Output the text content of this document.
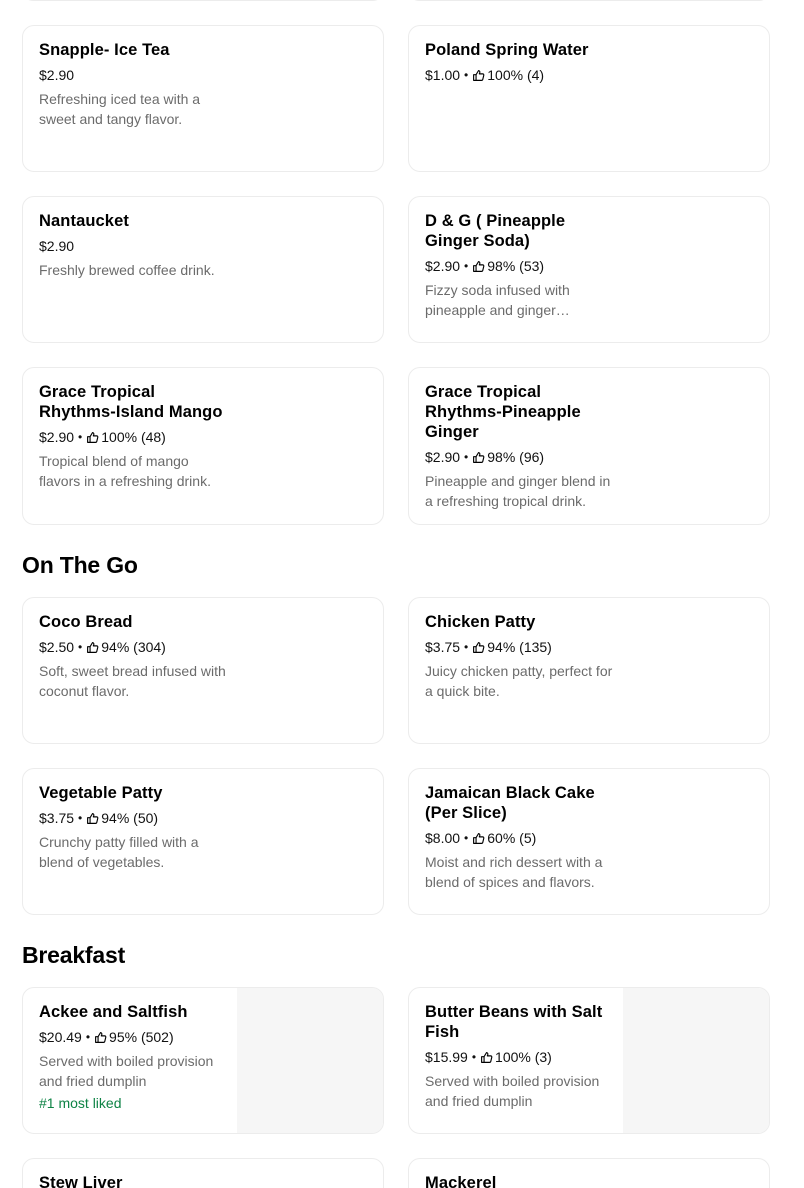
Snapple- Ice Tea
$2.90
Refreshing iced tea with a sweet and tangy flavor.
Poland Spring Water
$1.00 • 100% (4)
Nantaucket
$2.90
Freshly brewed coffee drink.
D & G ( Pineapple Ginger Soda)
$2.90 • 98% (53)
Fizzy soda infused with pineapple and ginger…
Grace Tropical Rhythms-Island Mango
$2.90 • 100% (48)
Tropical blend of mango flavors in a refreshing drink.
Grace Tropical Rhythms-Pineapple Ginger
$2.90 • 98% (96)
Pineapple and ginger blend in a refreshing tropical drink.
On The Go
Coco Bread
$2.50 • 94% (304)
Soft, sweet bread infused with coconut flavor.
Chicken Patty
$3.75 • 94% (135)
Juicy chicken patty, perfect for a quick bite.
Vegetable Patty
$3.75 • 94% (50)
Crunchy patty filled with a blend of vegetables.
Jamaican Black Cake (Per Slice)
$8.00 • 60% (5)
Moist and rich dessert with a blend of spices and flavors.
Breakfast
Ackee and Saltfish
$20.49 • 95% (502)
Served with boiled provision and fried dumplin
#1 most liked
Butter Beans with Salt Fish
$15.99 • 100% (3)
Served with boiled provision and fried dumplin
Stew Liver	Mackerel
